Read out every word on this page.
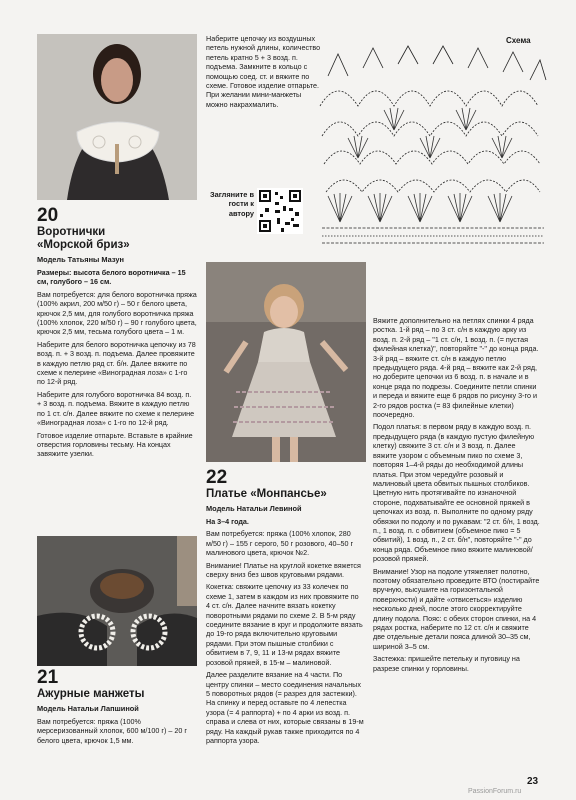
Наберите цепочку из воздушных петель нужной длины, количество петель кратно 5 + 3 возд. п. подъема. Замкните в кольцо с помощью соед. ст. и вяжите по схеме. Готовое изделие отпарьте. При желании мини-манжеты можно накрахмалить.
Загляните в гости к автору
Схема
20
Воротнички «Морской бриз»
Модель Татьяны Мазун

Размеры: высота белого воротничка – 15 см, голубого – 16 см.

Вам потребуется: для белого воротничка пряжа (100% акрил, 200 м/50 г) – 50 г белого цвета, крючок 2,5 мм, для голубого воротничка пряжа (100% хлопок, 220 м/50 г) – 90 г голубого цвета, крючок 2,5 мм, тесьма голубого цвета – 1 м.

Наберите для белого воротничка цепочку из 78 возд. п. + 3 возд. п. подъема. Далее провяжите в каждую петлю ряд ст. б/н. Далее вяжите по схеме к пелерине «Виноградная лоза» с 1-го по 12-й ряд.

Наберите для голубого воротничка 84 возд. п. + 3 возд. п. подъема. Вяжите в каждую петлю по 1 ст. с/н. Далее вяжите по схеме к пелерине «Виноградная лоза» с 1-го по 12-й ряд.

Готовое изделие отпарьте. Вставьте в крайние отверстия горловины тесьму. На концах завяжите узелки.

21
Ажурные манжеты
Модель Натальи Лапшиной

Вам потребуется: пряжа (100% мерсеризованный хлопок, 600 м/100 г) – 20 г белого цвета, крючок 1,5 мм.

22
Платье «Монпансье»
Модель Натальи Левиной

На 3–4 года.

Вам потребуется: пряжа (100% хлопок, 280 м/50 г) – 155 г серого, 50 г розового, 40–50 г малинового цвета, крючок №2.

Внимание! Платье на круглой кокетке вяжется сверху вниз без швов круговыми рядами.

Кокетка: свяжите цепочку из 33 колечек по схеме 1, затем в каждом из них провяжите по 4 ст. с/н. Далее начните вязать кокетку поворотными рядами по схеме 2. В 5-м ряду соедините вязание в круг и продолжите вязать до 19-го ряда включительно круговыми рядами. При этом пышные столбики с обвитием в 7, 9, 11 и 13-м рядах вяжите розовой пряжей, в 15-м – малиновой.

Далее разделите вязание на 4 части. По центру спинки – место соединения начальных 5 поворотных рядов (= разрез для застежки). На спинку и перед оставьте по 4 лепестка узора (= 4 раппорта) + по 4 арки из возд. п. справа и слева от них, которые связаны в 19-м ряду. На каждый рукав также приходится по 4 раппорта узора.

Вяжите дополнительно на петлях спинки 4 ряда ростка. 1-й ряд – по 3 ст. с/н в каждую арку из возд. п. 2-й ряд – "1 ст. с/н, 1 возд. п. (= пустая филейная клетка)", повторяйте "-" до конца ряда. 3-й ряд – вяжите ст. с/н в каждую петлю предыдущего ряда. 4-й ряд – вяжите как 2-й ряд, но доберите цепочки из 6 возд. п. в начале и в конце ряда по подрезы. Соедините петли спинки и переда и вяжите еще 6 рядов по рисунку 3-го и 2-го рядов ростка (= 83 филейные клетки) поочередно.

Подол платья: в первом ряду в каждую возд. п. предыдущего ряда (в каждую пустую филейную клетку) свяжите 3 ст. с/н и 3 возд. п. Далее вяжите узором с объемным пико по схеме 3, повторяя 1–4-й ряды до необходимой длины платья. При этом чередуйте розовый и малиновый цвета обвитых пышных столбиков. Цветную нить протягивайте по изнаночной стороне, подхватывайте ее основной пряжей в цепочках из возд. п. Выполните по одному ряду обвязки по подолу и по рукавам: "2 ст. б/н, 1 возд. п., 1 возд. п. с обвитием (объемное пико = 5 обвитий), 1 возд. п., 2 ст. б/н", повторяйте "-" до конца ряда. Объемное пико вяжите малиновой/розовой пряжей.

Внимание! Узор на подоле утяжеляет полотно, поэтому обязательно проведите ВТО (постирайте вручную, высушите на горизонтальной поверхности) и дайте «отвисеться» изделию несколько дней, после этого скорректируйте длину подола. Пояс: с обеих сторон спинки, на 4 рядах ростка, наберите по 12 ст. с/н и свяжите две отдельные детали пояса длиной 30–35 см, шириной 3–5 см.

Застежка: пришейте петельку и пуговицу на разрезе спинки у горловины.

23
PassionForum.ru
